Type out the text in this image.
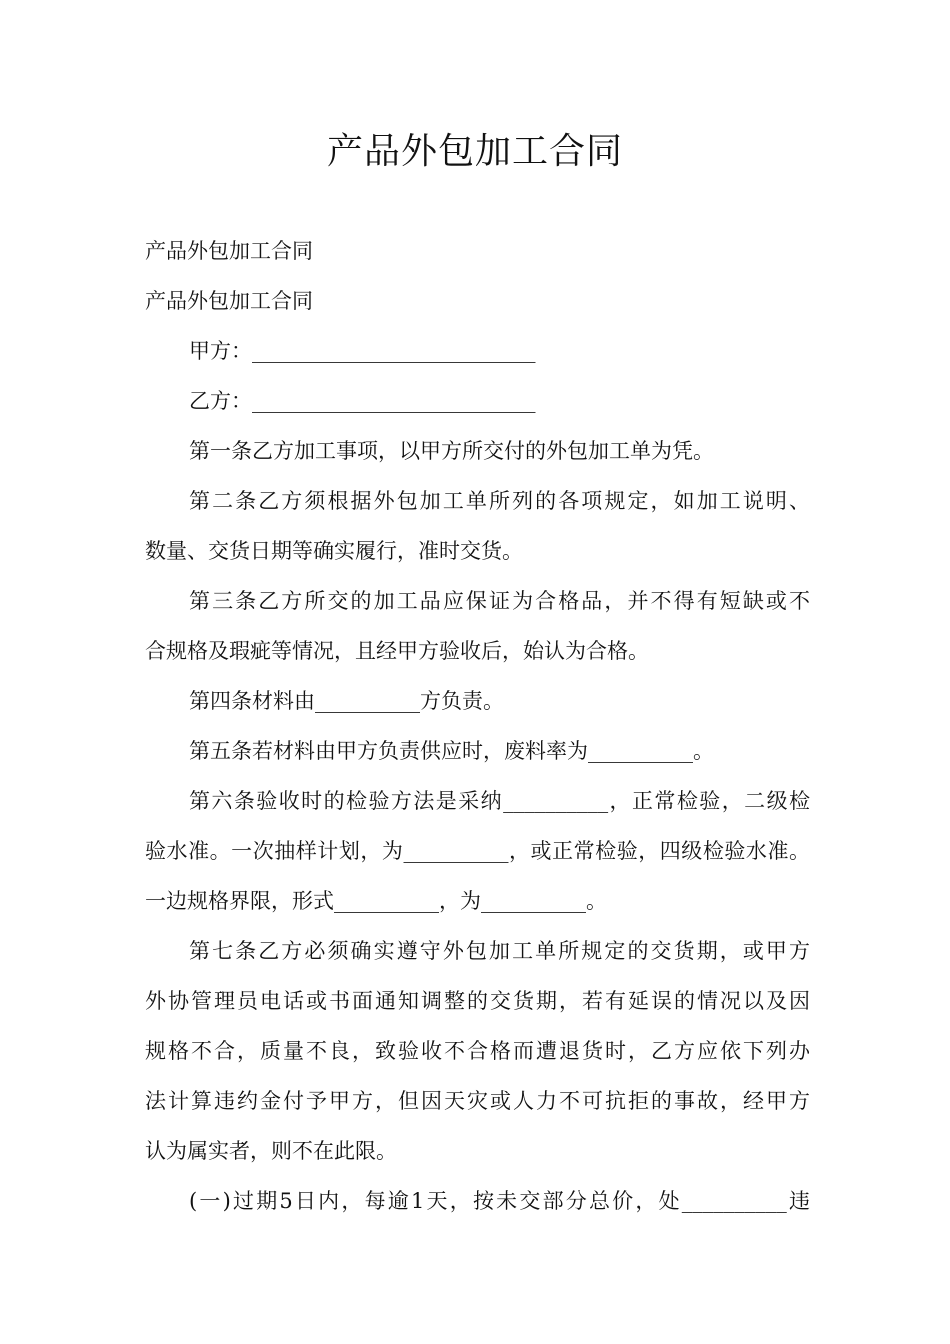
产品外包加工合同
产品外包加工合同
产品外包加工合同
甲方：___________________________
乙方：___________________________
第一条乙方加工事项，以甲方所交付的外包加工单为凭。
第二条乙方须根据外包加工单所列的各项规定，如加工说明、
数量、交货日期等确实履行，准时交货。
第三条乙方所交的加工品应保证为合格品，并不得有短缺或不
合规格及瑕疵等情况，且经甲方验收后，始认为合格。
第四条材料由__________方负责。
第五条若材料由甲方负责供应时，废料率为__________。
第六条验收时的检验方法是采纳__________，正常检验，二级检
验水准。一次抽样计划，为__________，或正常检验，四级检验水准。
一边规格界限，形式__________，为__________。
第七条乙方必须确实遵守外包加工单所规定的交货期，或甲方
外协管理员电话或书面通知调整的交货期，若有延误的情况以及因
规格不合，质量不良，致验收不合格而遭退货时，乙方应依下列办
法计算违约金付予甲方，但因天灾或人力不可抗拒的事故，经甲方
认为属实者，则不在此限。
(一)过期5日内，每逾1天，按未交部分总价，处__________违
